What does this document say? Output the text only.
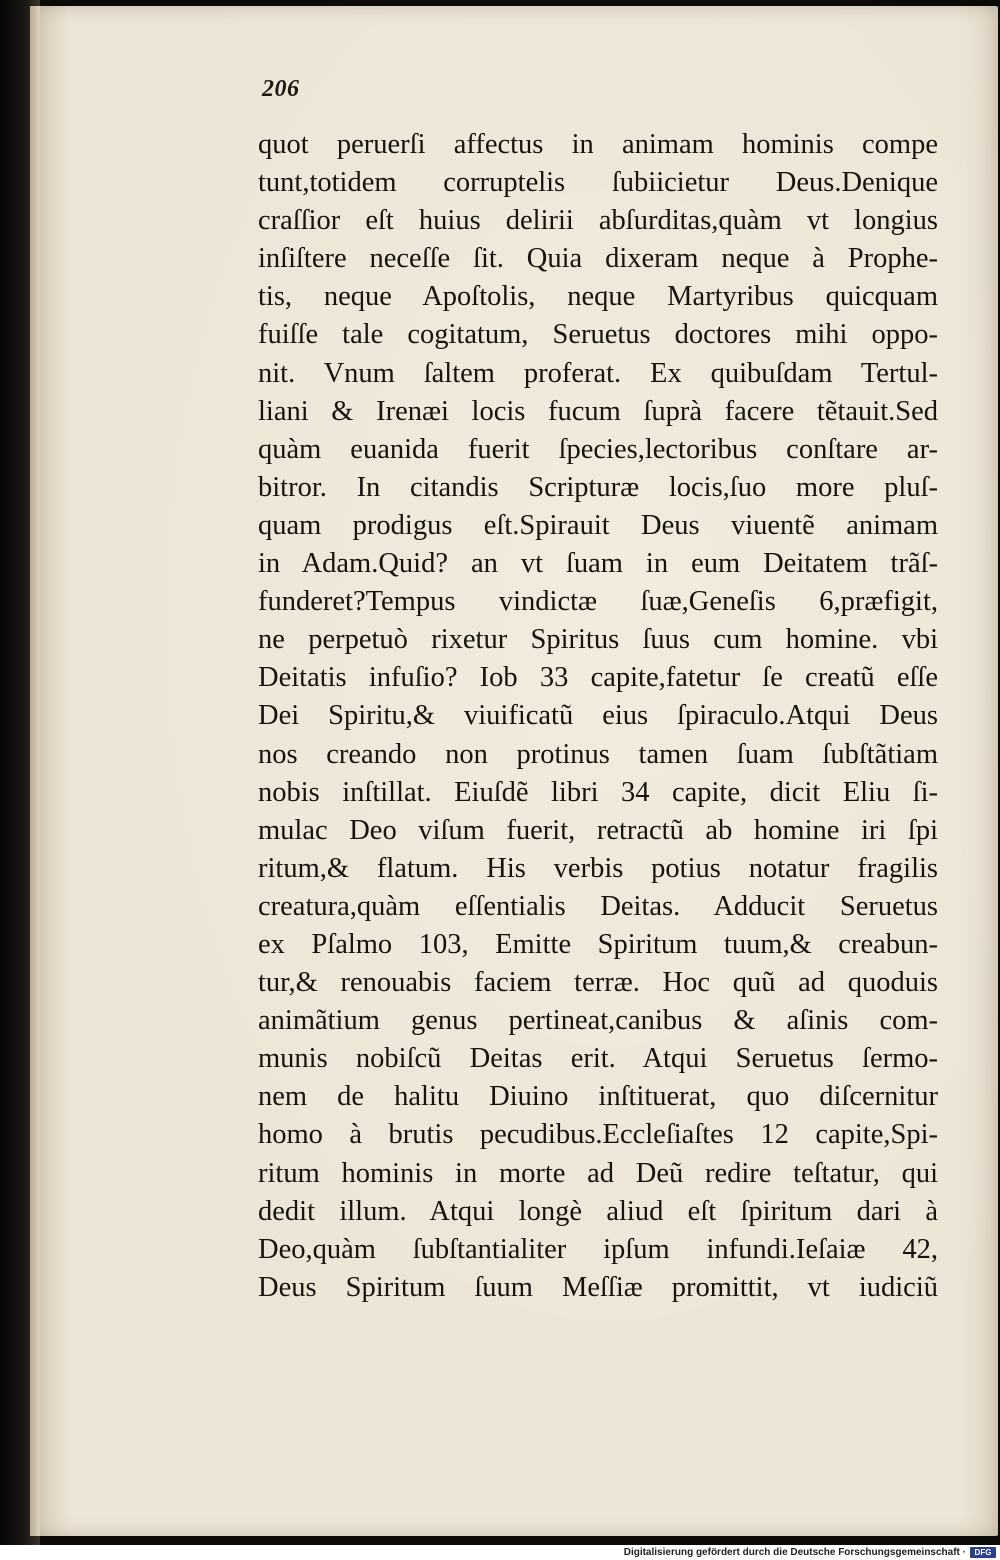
206
quot peruerſi affectus in animam hominis compe
tunt,totidem corruptelis ſubiicietur Deus.Denique
craſſior eſt huius delirii abſurditas,quàm vt longius
inſiſtere neceſſe ſit. Quia dixeram neque à Prophe-
tis, neque Apoſtolis, neque Martyribus quicquam
fuiſſe tale cogitatum, Seruetus doctores mihi oppo-
nit. Vnum ſaltem proferat. Ex quibuſdam Tertul-
liani & Irenæi locis fucum ſuprà facere tẽtauit.Sed
quàm euanida fuerit ſpecies,lectoribus conſtare ar-
bitror. In citandis Scripturæ locis,ſuo more pluſ-
quam prodigus eſt.Spirauit Deus viuentẽ animam
in Adam.Quid? an vt ſuam in eum Deitatem trãſ-
funderet?Tempus vindictæ ſuæ,Geneſis 6,præfigit,
ne perpetuò rixetur Spiritus ſuus cum homine. vbi
Deitatis infuſio? Iob 33 capite,fatetur ſe creatũ eſſe
Dei Spiritu,& viuificatũ eius ſpiraculo.Atqui Deus
nos creando non protinus tamen ſuam ſubſtãtiam
nobis inſtillat. Eiuſdẽ libri 34 capite, dicit Eliu ſi-
mulac Deo viſum fuerit, retractũ ab homine iri ſpi
ritum,& flatum. His verbis potius notatur fragilis
creatura,quàm eſſentialis Deitas. Adducit Seruetus
ex Pſalmo 103, Emitte Spiritum tuum,& creabun-
tur,& renouabis faciem terræ. Hoc quũ ad quoduis
animãtium genus pertineat,canibus & aſinis com-
munis nobiſcũ Deitas erit. Atqui Seruetus ſermo-
nem de halitu Diuino inſtituerat, quo diſcernitur
homo à brutis pecudibus.Eccleſiaſtes 12 capite,Spi-
ritum hominis in morte ad Deũ redire teſtatur, qui
dedit illum. Atqui longè aliud eſt ſpiritum dari à
Deo,quàm ſubſtantialiter ipſum infundi.Ieſaiæ 42,
Deus Spiritum ſuum Meſſiæ promittit, vt iudiciũ
Digitalisierung gefördert durch die Deutsche Forschungsgemeinschaft ·	DFG
